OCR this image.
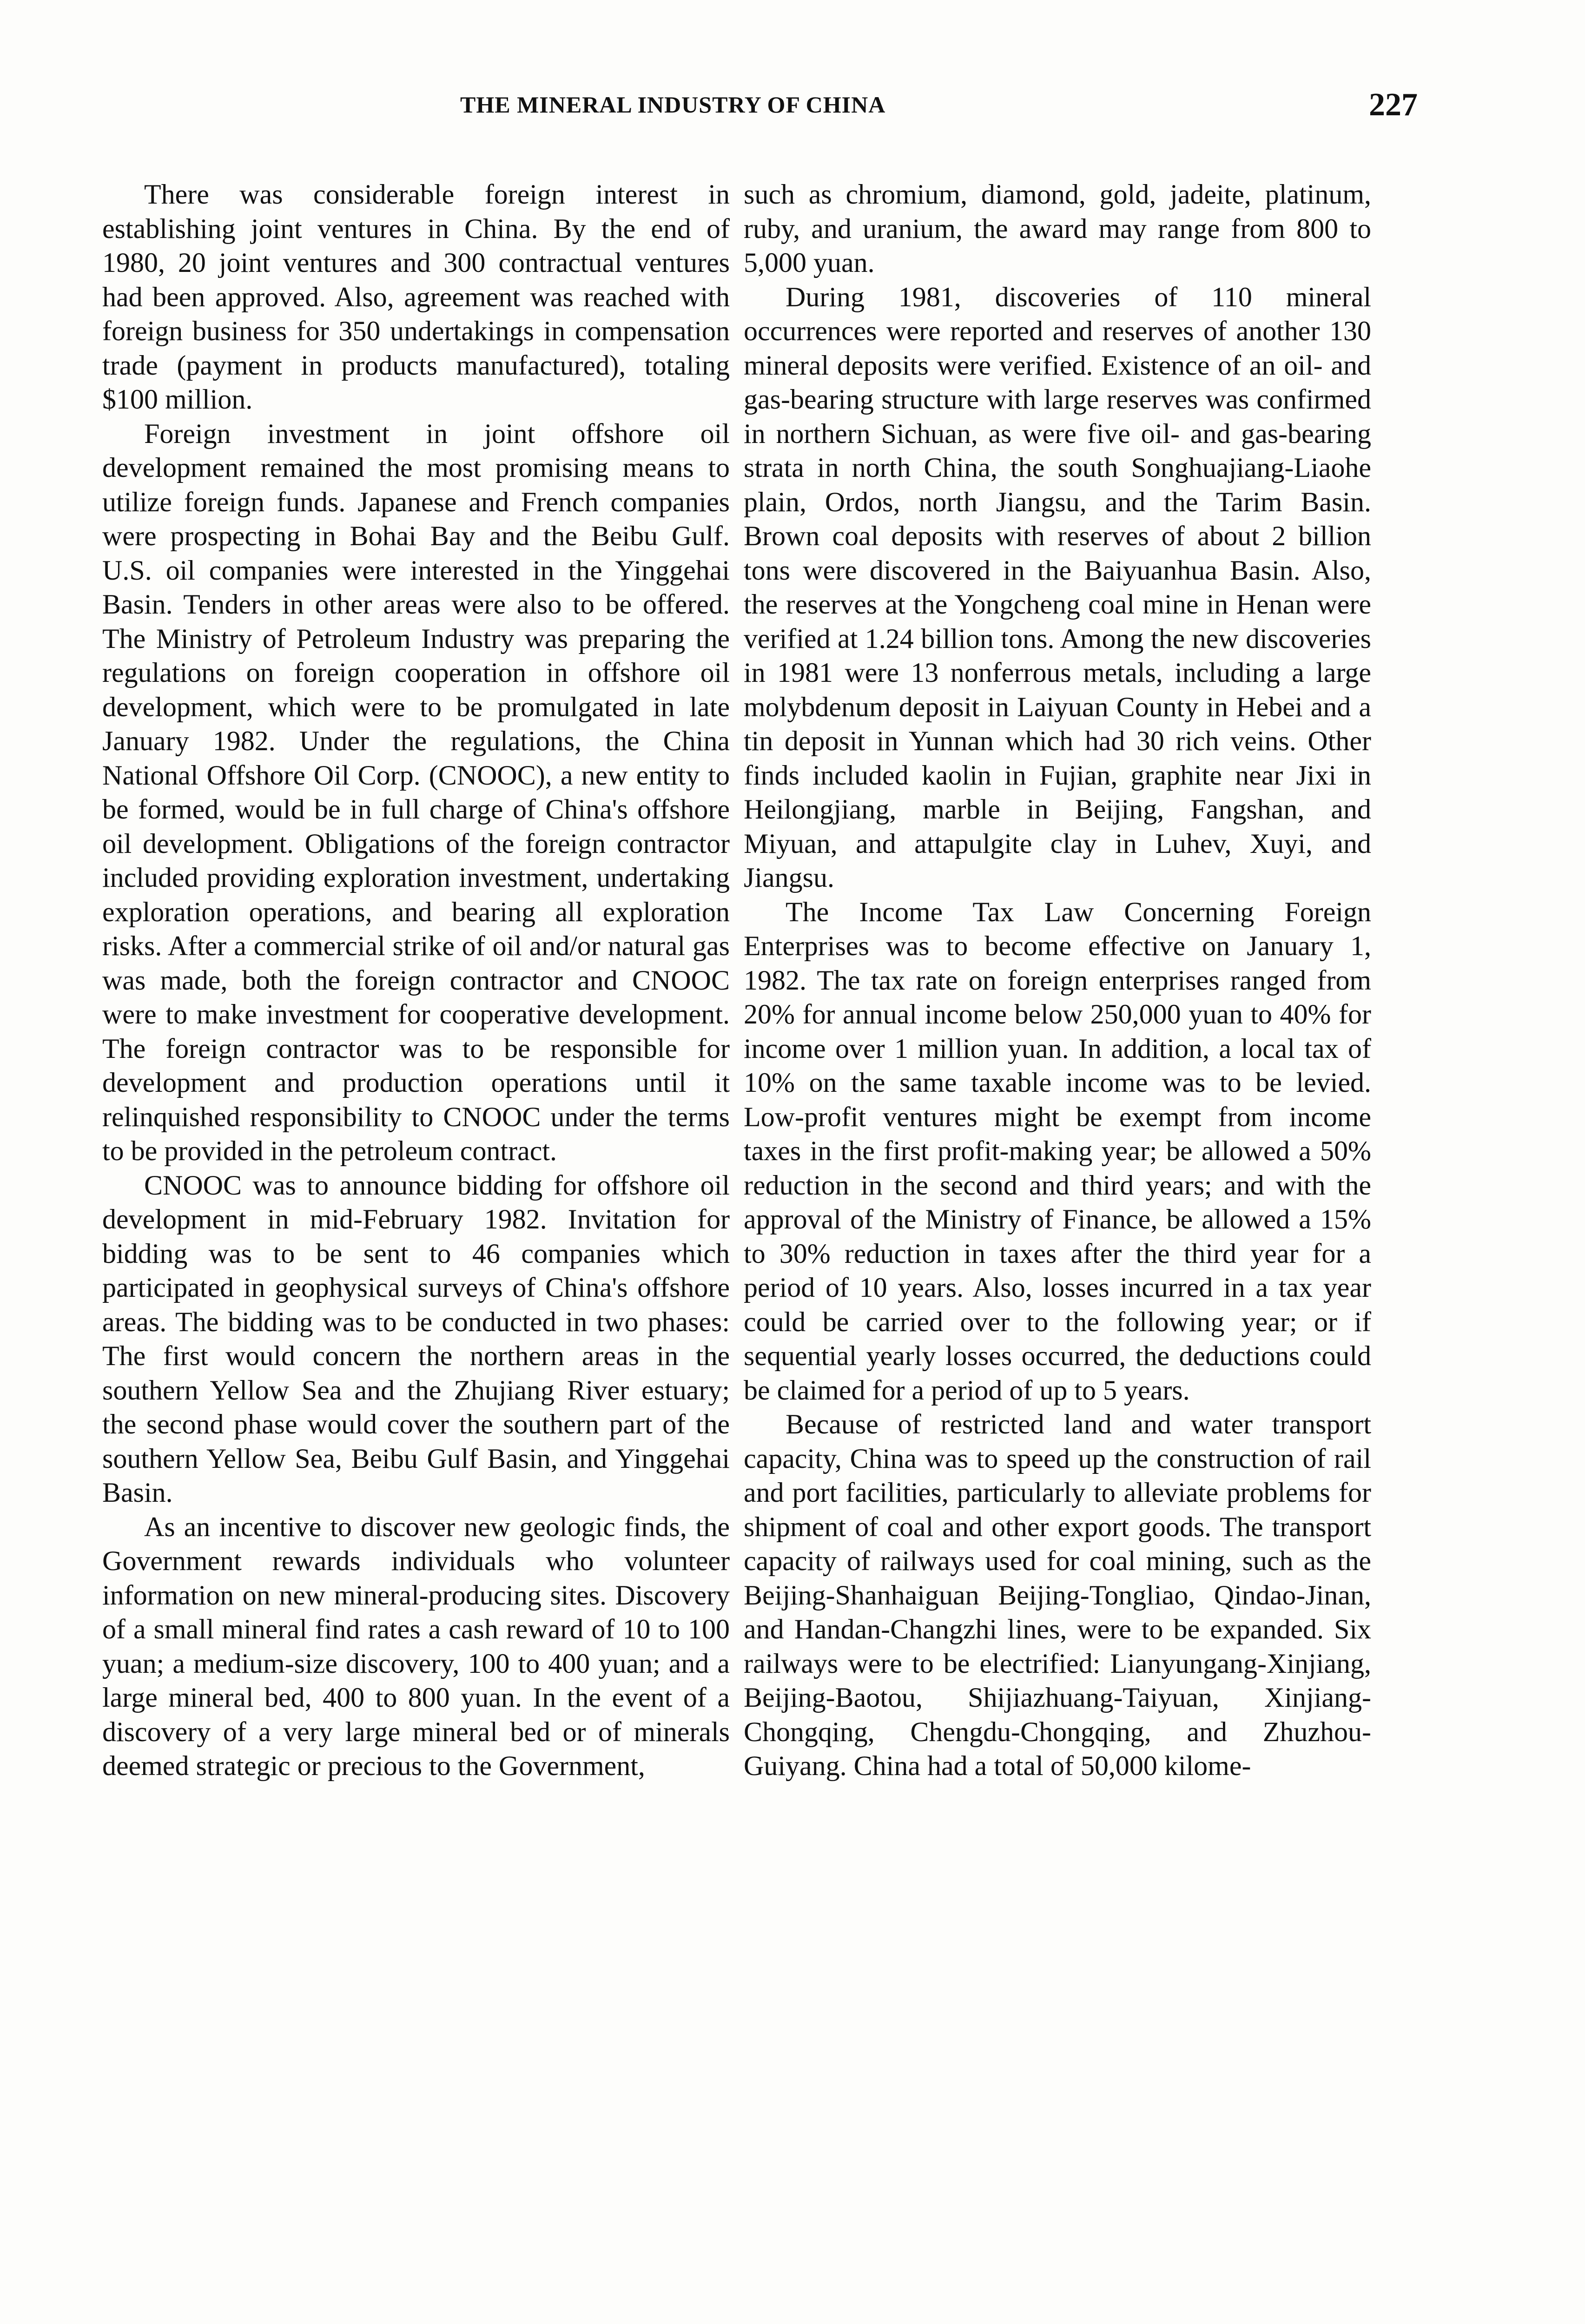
THE MINERAL INDUSTRY OF CHINA	227

There was considerable foreign interest in establishing joint ventures in China. By the end of 1980, 20 joint ventures and 300 contractual ventures had been approved. Also, agreement was reached with foreign business for 350 undertakings in compensation trade (payment in products manufactured), totaling $100 million.

Foreign investment in joint offshore oil development remained the most promising means to utilize foreign funds. Japanese and French companies were prospecting in Bohai Bay and the Beibu Gulf. U.S. oil companies were interested in the Yinggehai Basin. Tenders in other areas were also to be offered. The Ministry of Petroleum Industry was preparing the regulations on foreign cooperation in offshore oil development, which were to be promulgated in late January 1982. Under the regulations, the China National Offshore Oil Corp. (CNOOC), a new entity to be formed, would be in full charge of China's offshore oil development. Obligations of the foreign contractor included providing exploration investment, undertaking exploration operations, and bearing all exploration risks. After a commercial strike of oil and/or natural gas was made, both the foreign contractor and CNOOC were to make investment for cooperative development. The foreign contractor was to be responsible for development and production operations until it relinquished responsibility to CNOOC under the terms to be provided in the petroleum contract.

CNOOC was to announce bidding for offshore oil development in mid-February 1982. Invitation for bidding was to be sent to 46 companies which participated in geophysical surveys of China's offshore areas. The bidding was to be conducted in two phases: The first would concern the northern areas in the southern Yellow Sea and the Zhujiang River estuary; the second phase would cover the southern part of the southern Yellow Sea, Beibu Gulf Basin, and Yinggehai Basin.

As an incentive to discover new geologic finds, the Government rewards individuals who volunteer information on new mineral-producing sites. Discovery of a small mineral find rates a cash reward of 10 to 100 yuan; a medium-size discovery, 100 to 400 yuan; and a large mineral bed, 400 to 800 yuan. In the event of a discovery of a very large mineral bed or of minerals deemed strategic or precious to the Government,

such as chromium, diamond, gold, jadeite, platinum, ruby, and uranium, the award may range from 800 to 5,000 yuan.

During 1981, discoveries of 110 mineral occurrences were reported and reserves of another 130 mineral deposits were verified. Existence of an oil- and gas-bearing structure with large reserves was confirmed in northern Sichuan, as were five oil- and gas-bearing strata in north China, the south Songhuajiang-Liaohe plain, Ordos, north Jiangsu, and the Tarim Basin. Brown coal deposits with reserves of about 2 billion tons were discovered in the Baiyuanhua Basin. Also, the reserves at the Yongcheng coal mine in Henan were verified at 1.24 billion tons. Among the new discoveries in 1981 were 13 nonferrous metals, including a large molybdenum deposit in Laiyuan County in Hebei and a tin deposit in Yunnan which had 30 rich veins. Other finds included kaolin in Fujian, graphite near Jixi in Heilongjiang, marble in Beijing, Fangshan, and Miyuan, and attapulgite clay in Luhev, Xuyi, and Jiangsu.

The Income Tax Law Concerning Foreign Enterprises was to become effective on January 1, 1982. The tax rate on foreign enterprises ranged from 20% for annual income below 250,000 yuan to 40% for income over 1 million yuan. In addition, a local tax of 10% on the same taxable income was to be levied. Low-profit ventures might be exempt from income taxes in the first profit-making year; be allowed a 50% reduction in the second and third years; and with the approval of the Ministry of Finance, be allowed a 15% to 30% reduction in taxes after the third year for a period of 10 years. Also, losses incurred in a tax year could be carried over to the following year; or if sequential yearly losses occurred, the deductions could be claimed for a period of up to 5 years.

Because of restricted land and water transport capacity, China was to speed up the construction of rail and port facilities, particularly to alleviate problems for shipment of coal and other export goods. The transport capacity of railways used for coal mining, such as the Beijing-Shanhaiguan Beijing-Tongliao, Qindao-Jinan, and Handan-Changzhi lines, were to be expanded. Six railways were to be electrified: Lianyungang-Xinjiang, Beijing-Baotou, Shijiazhuang-Taiyuan, Xinjiang-Chongqing, Chengdu-Chongqing, and Zhuzhou-Guiyang. China had a total of 50,000 kilome-
